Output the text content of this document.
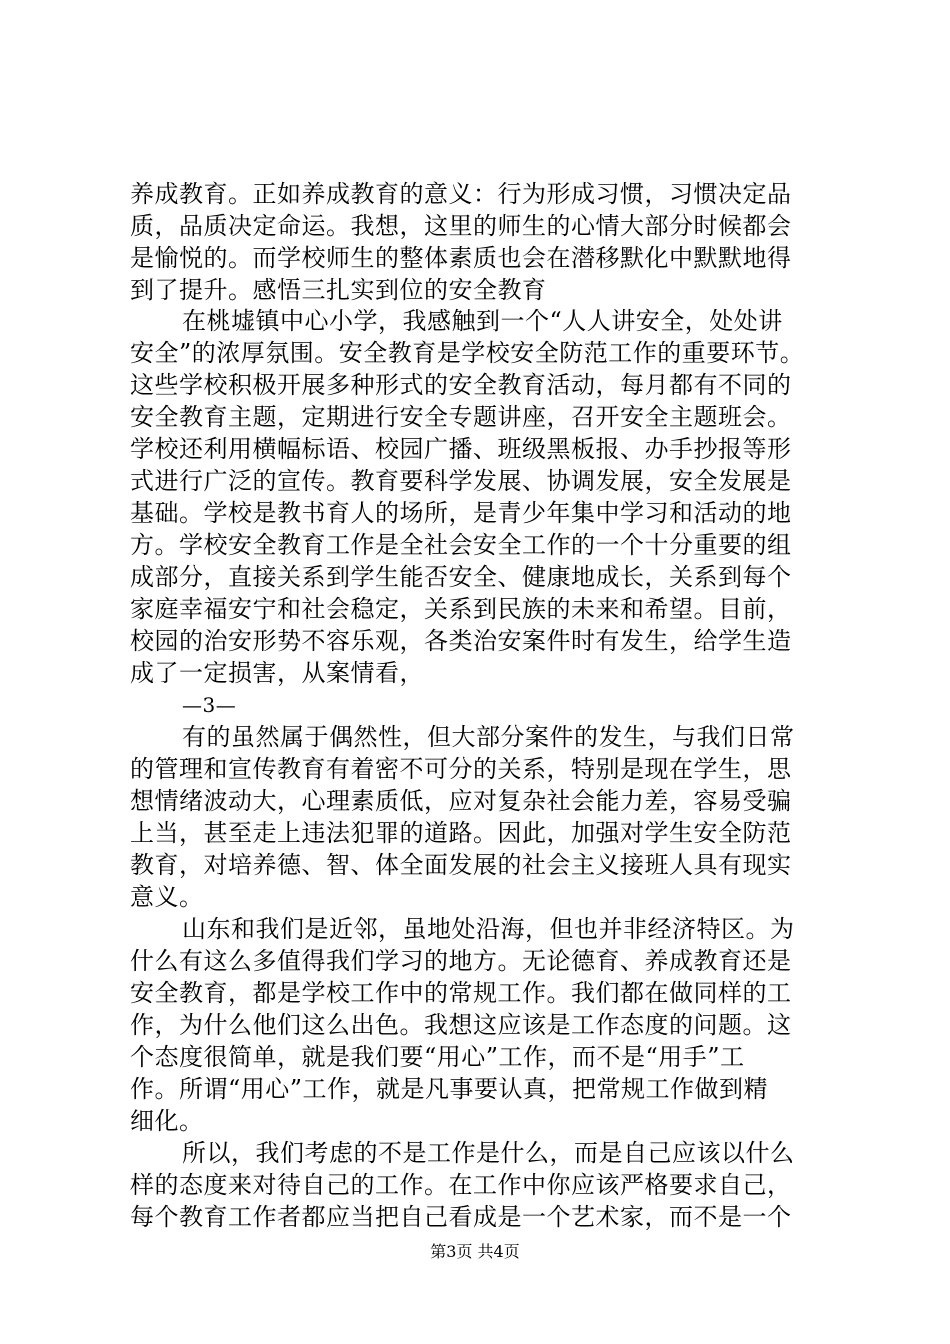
养成教育。正如养成教育的意义：行为形成习惯，习惯决定品
质，品质决定命运。我想，这里的师生的心情大部分时候都会
是愉悦的。而学校师生的整体素质也会在潜移默化中默默地得
到了提升。感悟三扎实到位的安全教育
在桃墟镇中心小学，我感触到一个“人人讲安全，处处讲
安全”的浓厚氛围。安全教育是学校安全防范工作的重要环节。
这些学校积极开展多种形式的安全教育活动，每月都有不同的
安全教育主题，定期进行安全专题讲座，召开安全主题班会。
学校还利用横幅标语、校园广播、班级黑板报、办手抄报等形
式进行广泛的宣传。教育要科学发展、协调发展，安全发展是
基础。学校是教书育人的场所，是青少年集中学习和活动的地
方。学校安全教育工作是全社会安全工作的一个十分重要的组
成部分，直接关系到学生能否安全、健康地成长，关系到每个
家庭幸福安宁和社会稳定，关系到民族的未来和希望。目前，
校园的治安形势不容乐观，各类治安案件时有发生，给学生造
成了一定损害，从案情看，
—3—
有的虽然属于偶然性，但大部分案件的发生，与我们日常
的管理和宣传教育有着密不可分的关系，特别是现在学生，思
想情绪波动大，心理素质低，应对复杂社会能力差，容易受骗
上当，甚至走上违法犯罪的道路。因此，加强对学生安全防范
教育，对培养德、智、体全面发展的社会主义接班人具有现实
意义。
山东和我们是近邻，虽地处沿海，但也并非经济特区。为
什么有这么多值得我们学习的地方。无论德育、养成教育还是
安全教育，都是学校工作中的常规工作。我们都在做同样的工
作，为什么他们这么出色。我想这应该是工作态度的问题。这
个态度很简单，就是我们要“用心”工作，而不是“用手”工
作。所谓“用心”工作，就是凡事要认真，把常规工作做到精
细化。
所以，我们考虑的不是工作是什么，而是自己应该以什么
样的态度来对待自己的工作。在工作中你应该严格要求自己，
每个教育工作者都应当把自己看成是一个艺术家，而不是一个
第3页 共4页
